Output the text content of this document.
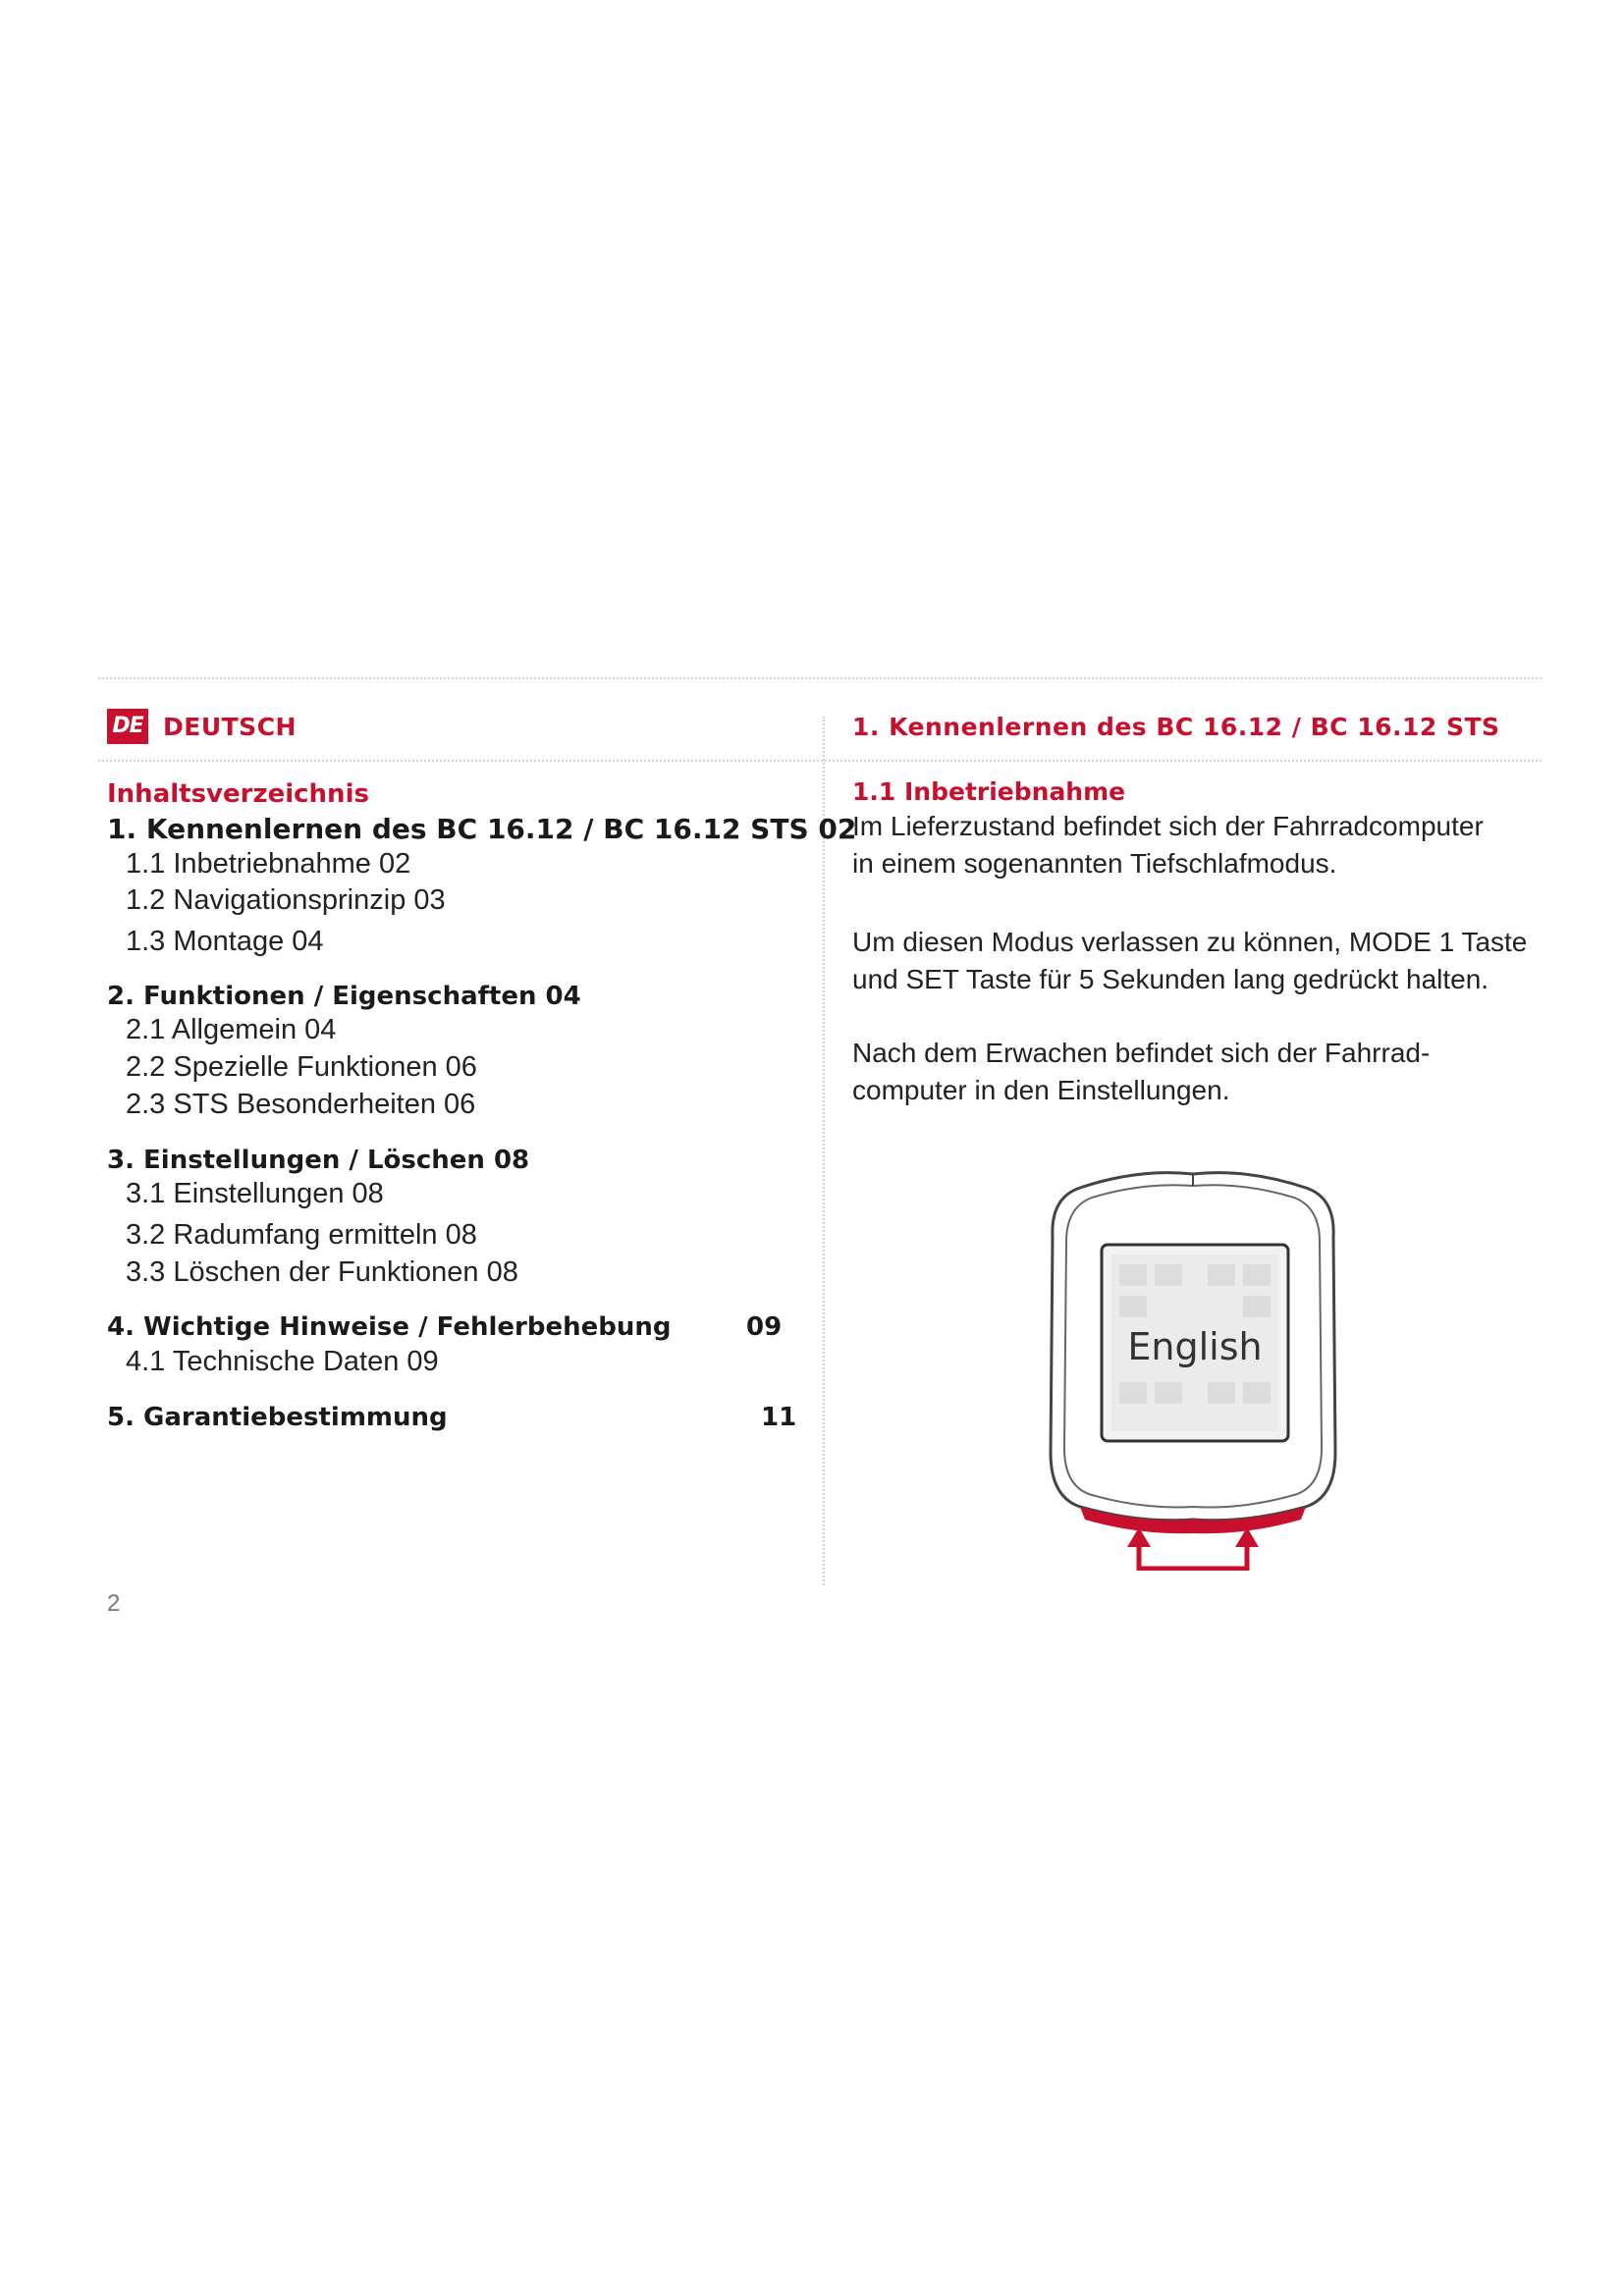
DE DEUTSCH	1. Kennenlernen des BC 16.12 / BC 16.12 STS
Inhaltsverzeichnis
1. Kennenlernen des BC 16.12 / BC 16.12 STS 02
1.1 Inbetriebnahme 02
1.2 Navigationsprinzip 03
1.3 Montage 04
2. Funktionen / Eigenschaften 04
2.1 Allgemein 04
2.2 Spezielle Funktionen 06
2.3 STS Besonderheiten 06
3. Einstellungen / Löschen 08
3.1 Einstellungen 08
3.2 Radumfang ermitteln 08
3.3 Löschen der Funktionen 08
4. Wichtige Hinweise / Fehlerbehebung	09
4.1 Technische Daten 09
5. Garantiebestimmung	11
1.1 Inbetriebnahme
Im Lieferzustand befindet sich der Fahrradcomputer
in einem sogenannten Tiefschlafmodus.
Um diesen Modus verlassen zu können, MODE 1 Taste
und SET Taste für 5 Sekunden lang gedrückt halten.
Nach dem Erwachen befindet sich der Fahrrad-
computer in den Einstellungen.
English
2
